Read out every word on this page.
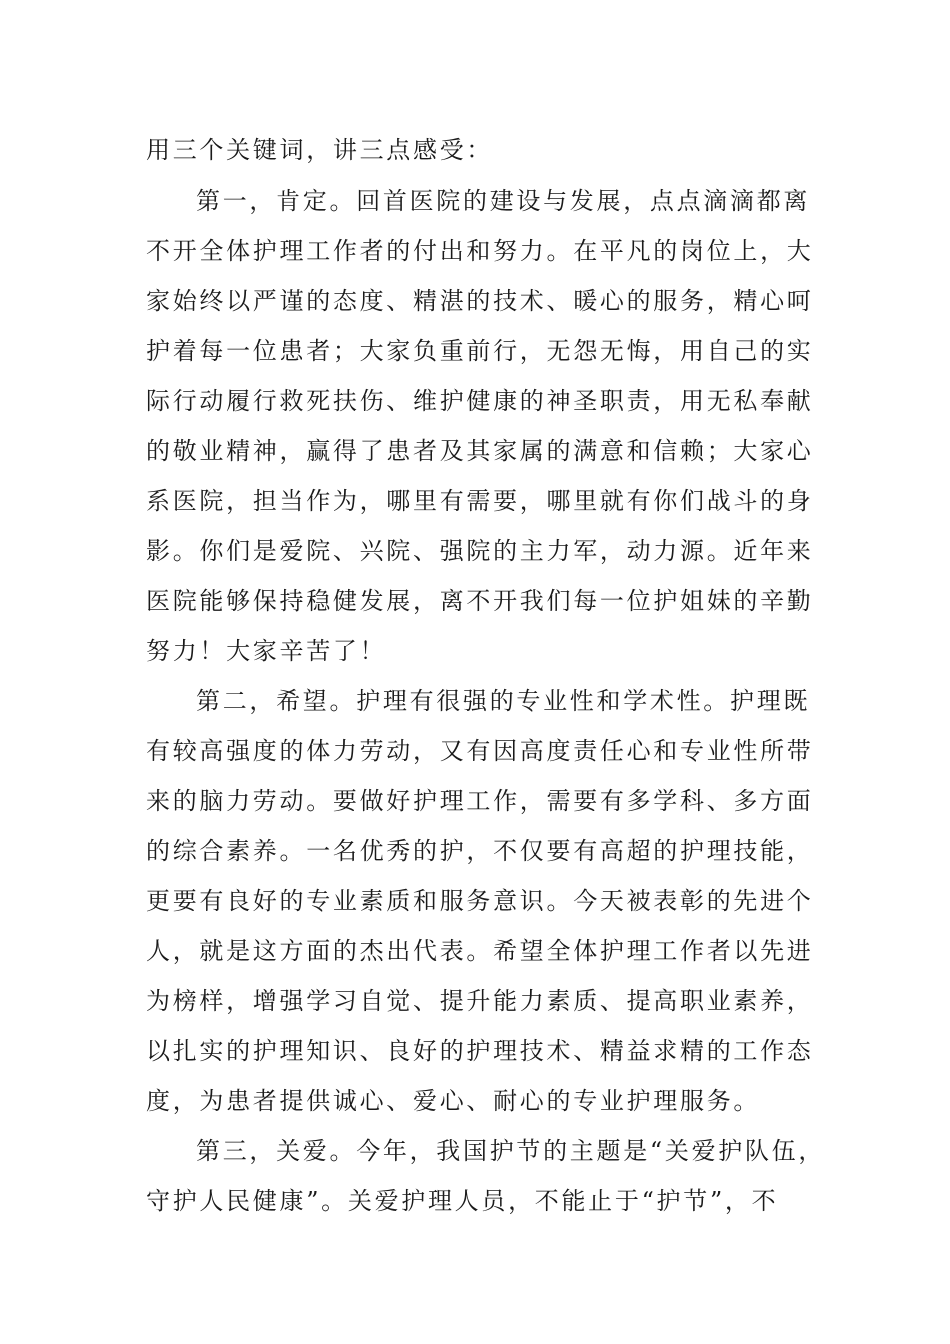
用三个关键词，讲三点感受：
第一，肯定。回首医院的建设与发展，点点滴滴都离
不开全体护理工作者的付出和努力。在平凡的岗位上，大
家始终以严谨的态度、精湛的技术、暖心的服务，精心呵
护着每一位患者；大家负重前行，无怨无悔，用自己的实
际行动履行救死扶伤、维护健康的神圣职责，用无私奉献
的敬业精神，赢得了患者及其家属的满意和信赖；大家心
系医院，担当作为，哪里有需要，哪里就有你们战斗的身
影。你们是爱院、兴院、强院的主力军，动力源。近年来
医院能够保持稳健发展，离不开我们每一位护姐妹的辛勤
努力！大家辛苦了！
第二，希望。护理有很强的专业性和学术性。护理既
有较高强度的体力劳动，又有因高度责任心和专业性所带
来的脑力劳动。要做好护理工作，需要有多学科、多方面
的综合素养。一名优秀的护，不仅要有高超的护理技能，
更要有良好的专业素质和服务意识。今天被表彰的先进个
人，就是这方面的杰出代表。希望全体护理工作者以先进
为榜样，增强学习自觉、提升能力素质、提高职业素养，
以扎实的护理知识、良好的护理技术、精益求精的工作态
度，为患者提供诚心、爱心、耐心的专业护理服务。
第三，关爱。今年，我国护节的主题是“关爱护队伍，
守护人民健康”。关爱护理人员，不能止于“护节”，不
